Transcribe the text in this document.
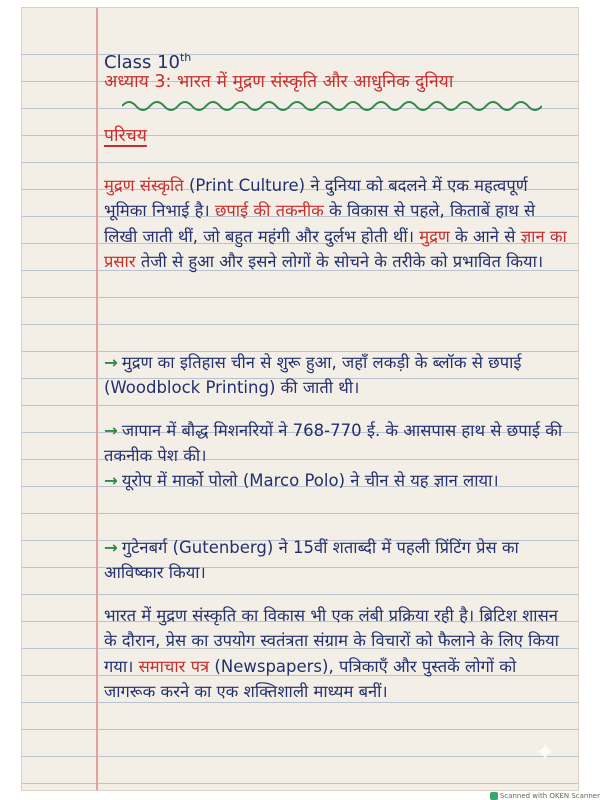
Class 10th
अध्याय 3: भारत में मुद्रण संस्कृति और आधुनिक दुनिया
परिचय
मुद्रण संस्कृति (Print Culture) ने दुनिया को बदलने में एक महत्वपूर्ण भूमिका निभाई है। छपाई की तकनीक के विकास से पहले, किताबें हाथ से लिखी जाती थीं, जो बहुत महंगी और दुर्लभ होती थीं। मुद्रण के आने से ज्ञान का प्रसार तेजी से हुआ और इसने लोगों के सोचने के तरीके को प्रभावित किया।
→ मुद्रण का इतिहास चीन से शुरू हुआ, जहाँ लकड़ी के ब्लॉक से छपाई (Woodblock Printing) की जाती थी।
→ जापान में बौद्ध मिशनरियों ने 768-770 ई. के आसपास हाथ से छपाई की तकनीक पेश की।
→ यूरोप में मार्को पोलो (Marco Polo) ने चीन से यह ज्ञान लाया।
→ गुटेनबर्ग (Gutenberg) ने 15वीं शताब्दी में पहली प्रिंटिंग प्रेस का आविष्कार किया।
भारत में मुद्रण संस्कृति का विकास भी एक लंबी प्रक्रिया रही है। ब्रिटिश शासन के दौरान, प्रेस का उपयोग स्वतंत्रता संग्राम के विचारों को फैलाने के लिए किया गया। समाचार पत्र (Newspapers), पत्रिकाएँ और पुस्तकें लोगों को जागरूक करने का एक शक्तिशाली माध्यम बनीं।
✦
Scanned with OKEN Scanner
